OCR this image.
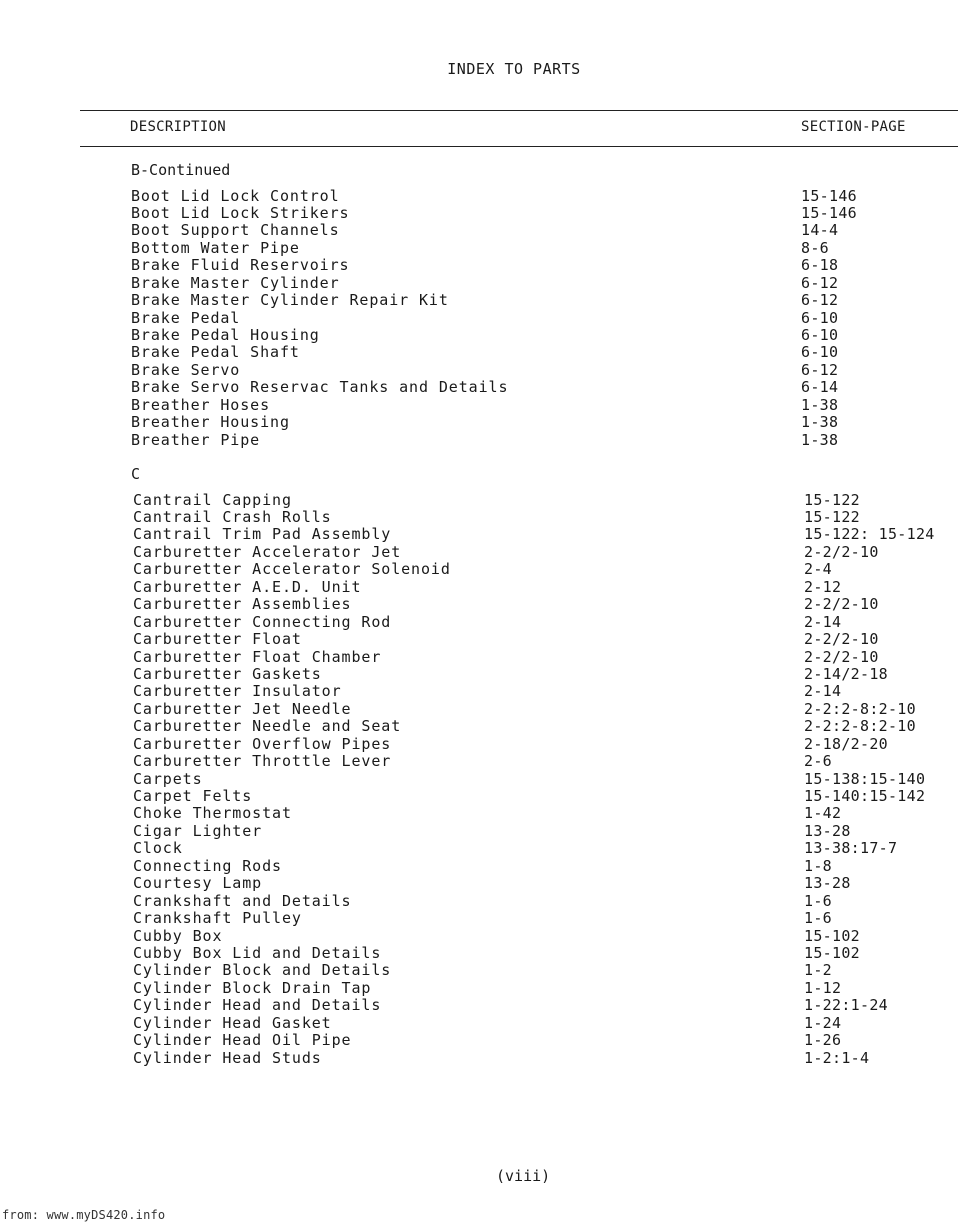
INDEX TO PARTS
DESCRIPTION	SECTION-PAGE
B-Continued
Boot Lid Lock Control	15-146
Boot Lid Lock Strikers	15-146
Boot Support Channels	14-4
Bottom Water Pipe	8-6
Brake Fluid Reservoirs	6-18
Brake Master Cylinder	6-12
Brake Master Cylinder Repair Kit	6-12
Brake Pedal	6-10
Brake Pedal Housing	6-10
Brake Pedal Shaft	6-10
Brake Servo	6-12
Brake Servo Reservac Tanks and Details	6-14
Breather Hoses	1-38
Breather Housing	1-38
Breather Pipe	1-38
C
Cantrail Capping	15-122
Cantrail Crash Rolls	15-122
Cantrail Trim Pad Assembly	15-122: 15-124
Carburetter Accelerator Jet	2-2/2-10
Carburetter Accelerator Solenoid	2-4
Carburetter A.E.D. Unit	2-12
Carburetter Assemblies	2-2/2-10
Carburetter Connecting Rod	2-14
Carburetter Float	2-2/2-10
Carburetter Float Chamber	2-2/2-10
Carburetter Gaskets	2-14/2-18
Carburetter Insulator	2-14
Carburetter Jet Needle	2-2:2-8:2-10
Carburetter Needle and Seat	2-2:2-8:2-10
Carburetter Overflow Pipes	2-18/2-20
Carburetter Throttle Lever	2-6
Carpets	15-138:15-140
Carpet Felts	15-140:15-142
Choke Thermostat	1-42
Cigar Lighter	13-28
Clock	13-38:17-7
Connecting Rods	1-8
Courtesy Lamp	13-28
Crankshaft and Details	1-6
Crankshaft Pulley	1-6
Cubby Box	15-102
Cubby Box Lid and Details	15-102
Cylinder Block and Details	1-2
Cylinder Block Drain Tap	1-12
Cylinder Head and Details	1-22:1-24
Cylinder Head Gasket	1-24
Cylinder Head Oil Pipe	1-26
Cylinder Head Studs	1-2:1-4
(viii)
from: www.myDS420.info
